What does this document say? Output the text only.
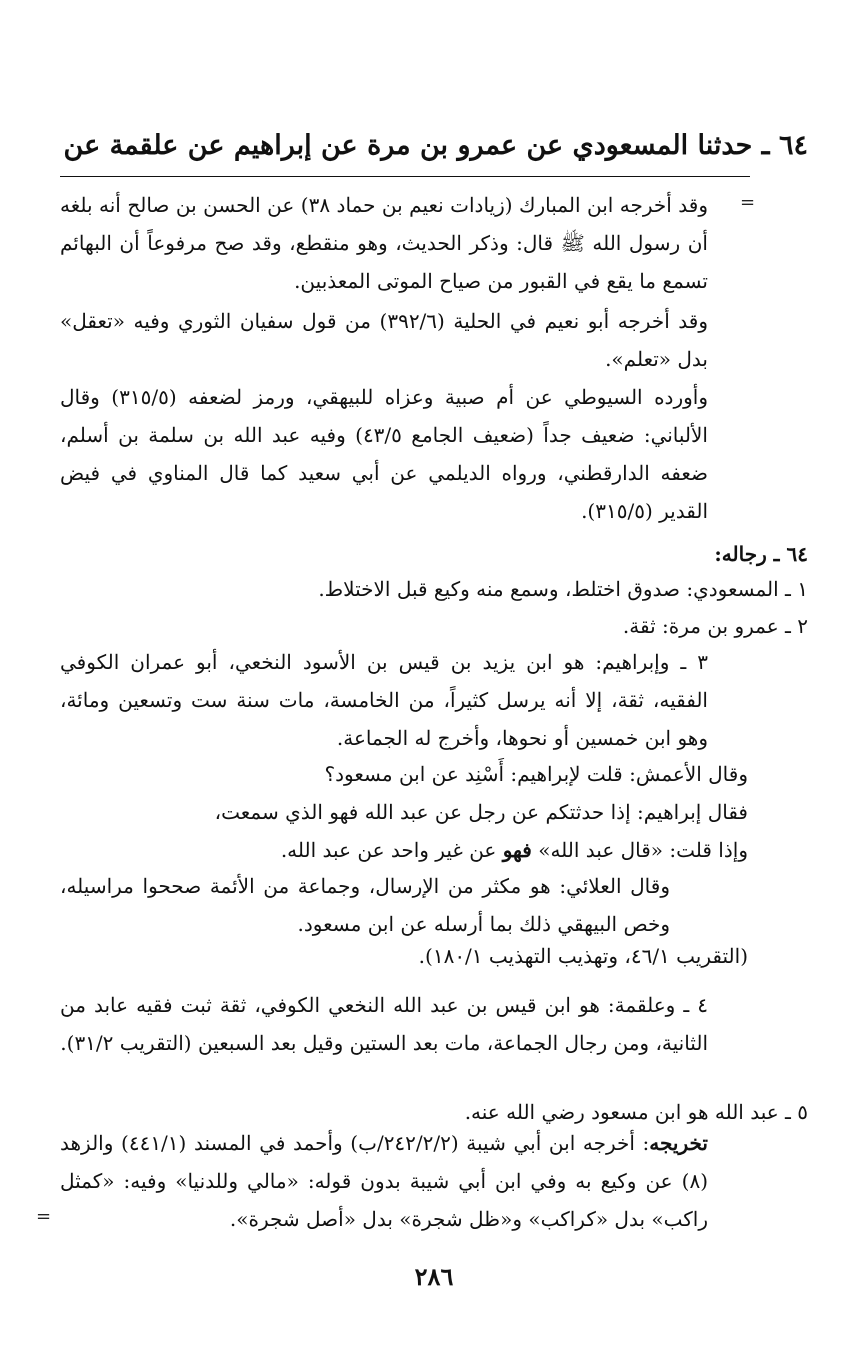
٦٤ ـ حدثنا المسعودي عن عمرو بن مرة عن إبراهيم عن علقمة عن
=
وقد أخرجه ابن المبارك (زيادات نعيم بن حماد ٣٨) عن الحسن بن صالح أنه بلغه أن رسول الله ﷺ قال: وذكر الحديث، وهو منقطع، وقد صح مرفوعاً أن البهائم تسمع ما يقع في القبور من صياح الموتى المعذبين.
وقد أخرجه أبو نعيم في الحلية (٣٩٢/٦) من قول سفيان الثوري وفيه «تعقل» بدل «تعلم».
وأورده السيوطي عن أم صبية وعزاه للبيهقي، ورمز لضعفه (٣١٥/٥) وقال الألباني: ضعيف جداً (ضعيف الجامع ٤٣/٥) وفيه عبد الله بن سلمة بن أسلم، ضعفه الدارقطني، ورواه الديلمي عن أبي سعيد كما قال المناوي في فيض القدير (٣١٥/٥).
٦٤ ـ رجاله:
١ ـ المسعودي: صدوق اختلط، وسمع منه وكيع قبل الاختلاط.
٢ ـ عمرو بن مرة: ثقة.
٣ ـ وإبراهيم: هو ابن يزيد بن قيس بن الأسود النخعي، أبو عمران الكوفي الفقيه، ثقة، إلا أنه يرسل كثيراً، من الخامسة، مات سنة ست وتسعين ومائة، وهو ابن خمسين أو نحوها، وأخرج له الجماعة.
وقال الأعمش: قلت لإبراهيم: أَسْنِد عن ابن مسعود؟
فقال إبراهيم: إذا حدثتكم عن رجل عن عبد الله فهو الذي سمعت،
وإذا قلت: «قال عبد الله» فهو عن غير واحد عن عبد الله.
وقال العلائي: هو مكثر من الإرسال، وجماعة من الأئمة صححوا مراسيله، وخص البيهقي ذلك بما أرسله عن ابن مسعود.
(التقريب ٤٦/١، وتهذيب التهذيب ١٨٠/١).
٤ ـ وعلقمة: هو ابن قيس بن عبد الله النخعي الكوفي، ثقة ثبت فقيه عابد من الثانية، ومن رجال الجماعة، مات بعد الستين وقيل بعد السبعين (التقريب ٣١/٢).
٥ ـ عبد الله هو ابن مسعود رضي الله عنه.
تخريجه: أخرجه ابن أبي شيبة (٢٤٢/٢/٢/ب) وأحمد في المسند (٤٤١/١) والزهد (٨) عن وكيع به وفي ابن أبي شيبة بدون قوله: «مالي وللدنيا» وفيه: «كمثل راكب» بدل «كراكب» و«ظل شجرة» بدل «أصل شجرة».
=
٢٨٦
